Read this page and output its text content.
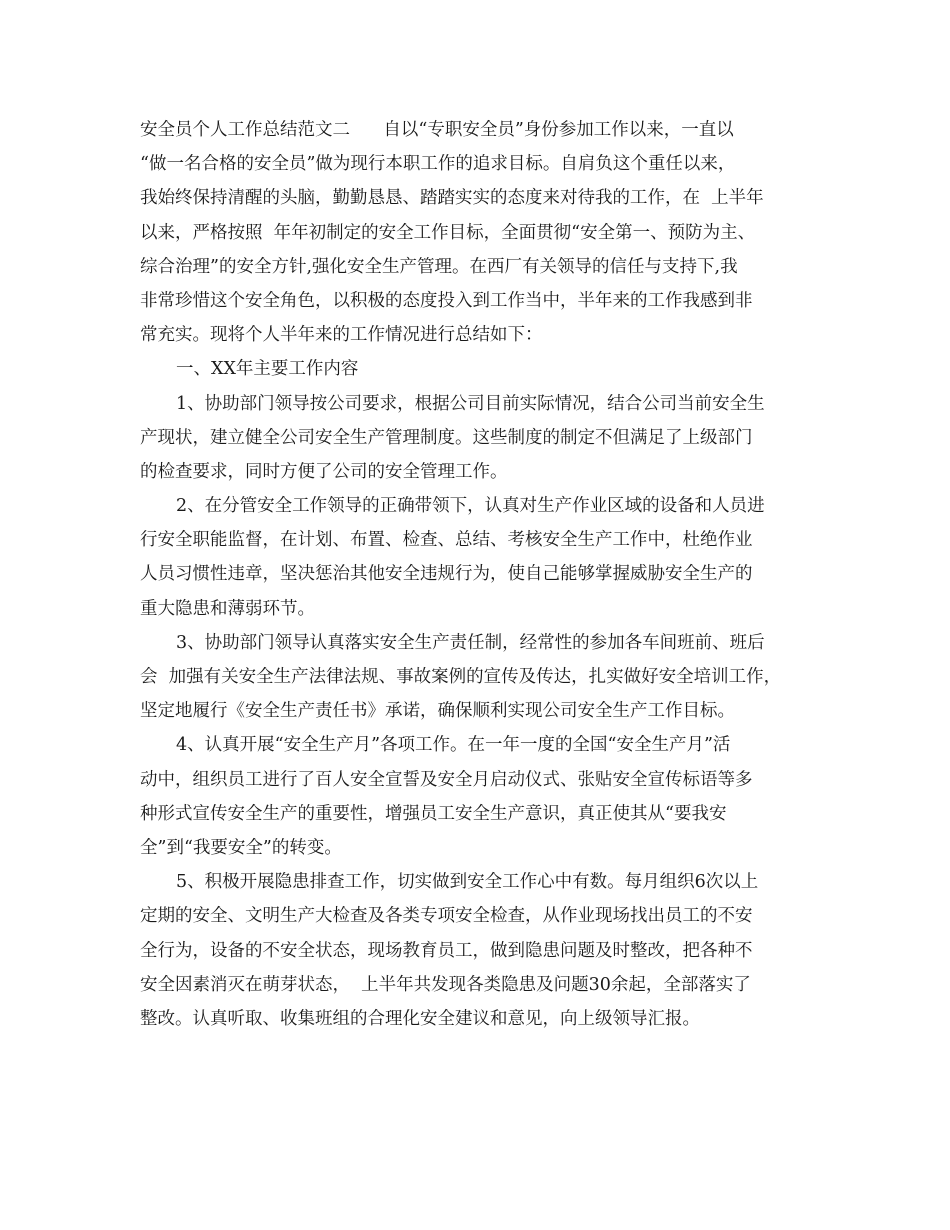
安全员个人工作总结范文二      自以“专职安全员”身份参加工作以来，一直以
“做一名合格的安全员”做为现行本职工作的追求目标。自肩负这个重任以来，
我始终保持清醒的头脑，勤勤恳恳、踏踏实实的态度来对待我的工作，在  上半年
以来，严格按照  年年初制定的安全工作目标，全面贯彻“安全第一、预防为主、
综合治理”的安全方针,强化安全生产管理。在西厂有关领导的信任与支持下,我
非常珍惜这个安全角色，以积极的态度投入到工作当中，半年来的工作我感到非
常充实。现将个人半年来的工作情况进行总结如下：
一、XX年主要工作内容
1、协助部门领导按公司要求，根据公司目前实际情况，结合公司当前安全生
产现状，建立健全公司安全生产管理制度。这些制度的制定不但满足了上级部门
的检查要求，同时方便了公司的安全管理工作。
2、在分管安全工作领导的正确带领下，认真对生产作业区域的设备和人员进
行安全职能监督，在计划、布置、检查、总结、考核安全生产工作中，杜绝作业
人员习惯性违章，坚决惩治其他安全违规行为，使自己能够掌握威胁安全生产的
重大隐患和薄弱环节。
3、协助部门领导认真落实安全生产责任制，经常性的参加各车间班前、班后
会  加强有关安全生产法律法规、事故案例的宣传及传达，扎实做好安全培训工作，
坚定地履行《安全生产责任书》承诺，确保顺利实现公司安全生产工作目标。
4、认真开展“安全生产月”各项工作。在一年一度的全国“安全生产月”活
动中，组织员工进行了百人安全宣誓及安全月启动仪式、张贴安全宣传标语等多
种形式宣传安全生产的重要性，增强员工安全生产意识，真正使其从“要我安
全”到“我要安全”的转变。
5、积极开展隐患排查工作，切实做到安全工作心中有数。每月组织6次以上
定期的安全、文明生产大检查及各类专项安全检查，从作业现场找出员工的不安
全行为，设备的不安全状态，现场教育员工，做到隐患问题及时整改，把各种不
安全因素消灭在萌芽状态，  上半年共发现各类隐患及问题30余起，全部落实了
整改。认真听取、收集班组的合理化安全建议和意见，向上级领导汇报。
